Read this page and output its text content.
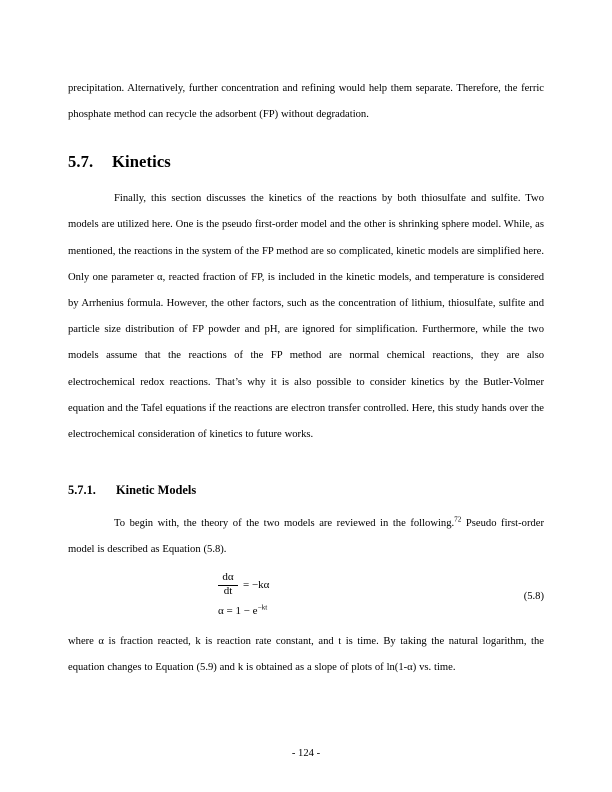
precipitation. Alternatively, further concentration and refining would help them separate. Therefore, the ferric phosphate method can recycle the adsorbent (FP) without degradation.

5.7. Kinetics

Finally, this section discusses the kinetics of the reactions by both thiosulfate and sulfite. Two models are utilized here. One is the pseudo first-order model and the other is shrinking sphere model. While, as mentioned, the reactions in the system of the FP method are so complicated, kinetic models are simplified here. Only one parameter α, reacted fraction of FP, is included in the kinetic models, and temperature is considered by Arrhenius formula. However, the other factors, such as the concentration of lithium, thiosulfate, sulfite and particle size distribution of FP powder and pH, are ignored for simplification. Furthermore, while the two models assume that the reactions of the FP method are normal chemical reactions, they are also electrochemical redox reactions. That’s why it is also possible to consider kinetics by the Butler-Volmer equation and the Tafel equations if the reactions are electron transfer controlled. Here, this study hands over the electrochemical consideration of kinetics to future works.

5.7.1. Kinetic Models

To begin with, the theory of the two models are reviewed in the following.$^{72}$ Pseudo first-order model is described as Equation (5.8).

$\frac{d\alpha}{dt} = -k\alpha$
$\alpha = 1 - e^{-kt}$
(5.8)

where α is fraction reacted, k is reaction rate constant, and t is time. By taking the natural logarithm, the equation changes to Equation (5.9) and k is obtained as a slope of plots of ln(1-α) vs. time.

- 124 -
